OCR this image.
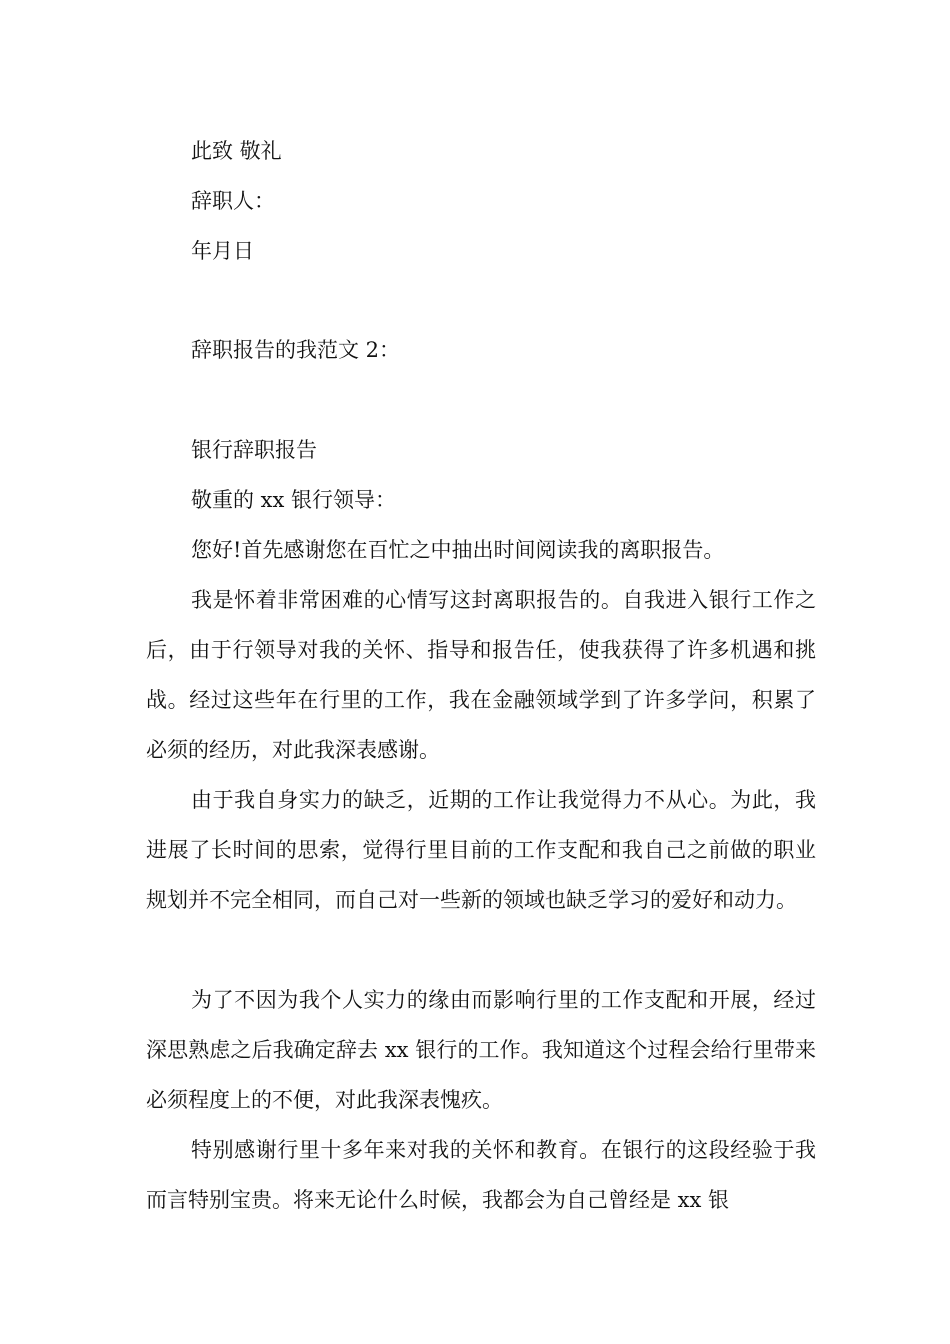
此致 敬礼
辞职人：
年月日
辞职报告的我范文 2：
银行辞职报告
敬重的 xx 银行领导：
您好!首先感谢您在百忙之中抽出时间阅读我的离职报告。
我是怀着非常困难的心情写这封离职报告的。自我进入银行工作之后，由于行领导对我的关怀、指导和报告任，使我获得了许多机遇和挑战。经过这些年在行里的工作，我在金融领域学到了许多学问，积累了必须的经历，对此我深表感谢。
由于我自身实力的缺乏，近期的工作让我觉得力不从心。为此，我进展了长时间的思索，觉得行里目前的工作支配和我自己之前做的职业规划并不完全相同，而自己对一些新的领域也缺乏学习的爱好和动力。
为了不因为我个人实力的缘由而影响行里的工作支配和开展，经过深思熟虑之后我确定辞去 xx 银行的工作。我知道这个过程会给行里带来必须程度上的不便，对此我深表愧疚。
特别感谢行里十多年来对我的关怀和教育。在银行的这段经验于我而言特别宝贵。将来无论什么时候，我都会为自己曾经是 xx 银
